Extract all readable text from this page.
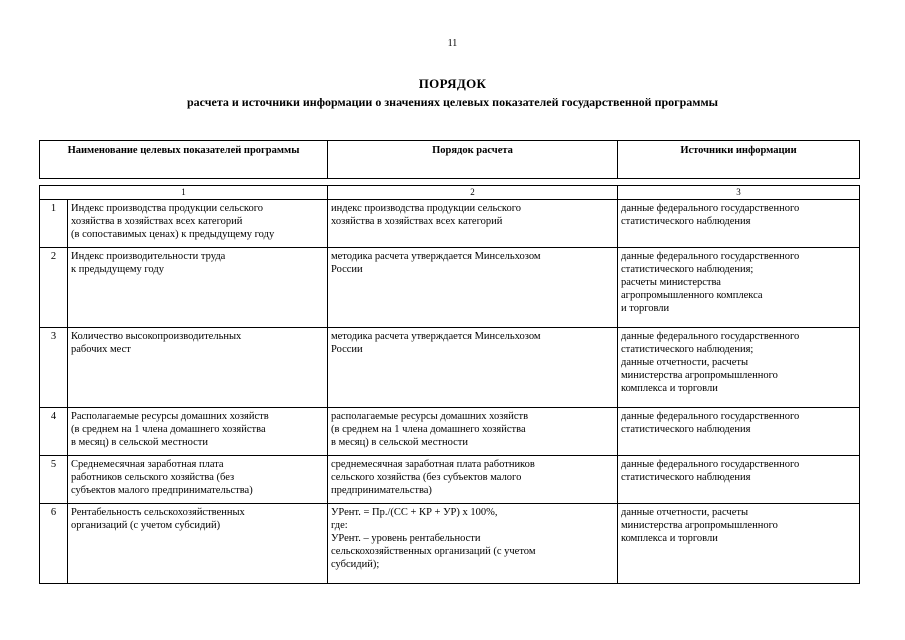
11
ПОРЯДОК
расчета и источники информации о значениях целевых показателей государственной программы
Наименование целевых показателей программы		Порядок расчета	Источники информации

1		2	3
1	Индекс производства продукции сельского
хозяйства в хозяйствах всех категорий
(в сопоставимых ценах) к предыдущему году	индекс производства продукции сельского
хозяйства в хозяйствах всех категорий	данные федерального государственного
статистического наблюдения

2	Индекс производительности труда
к предыдущему году	методика расчета утверждается Минсельхозом
России	данные федерального государственного
статистического наблюдения;
расчеты министерства
агропромышленного комплекса
и торговли

3	Количество высокопроизводительных
рабочих мест	методика расчета утверждается Минсельхозом
России	данные федерального государственного
статистического наблюдения;
данные отчетности, расчеты
министерства агропромышленного
комплекса и торговли

4	Располагаемые ресурсы домашних хозяйств
(в среднем на 1 члена домашнего хозяйства
в месяц) в сельской местности	располагаемые ресурсы домашних хозяйств
(в среднем на 1 члена домашнего хозяйства
в месяц) в сельской местности	данные федерального государственного
статистического наблюдения

5	Среднемесячная заработная плата
работников сельского хозяйства (без
субъектов малого предпринимательства)	среднемесячная заработная плата работников
сельского хозяйства (без субъектов малого
предпринимательства)	данные федерального государственного
статистического наблюдения

6	Рентабельность сельскохозяйственных
организаций (с учетом субсидий)	УРент. = Пр./(СС + КР + УР) х 100%,
где:
УРент. – уровень рентабельности
сельскохозяйственных организаций (с учетом
субсидий);	данные отчетности, расчеты
министерства агропромышленного
комплекса и торговли
